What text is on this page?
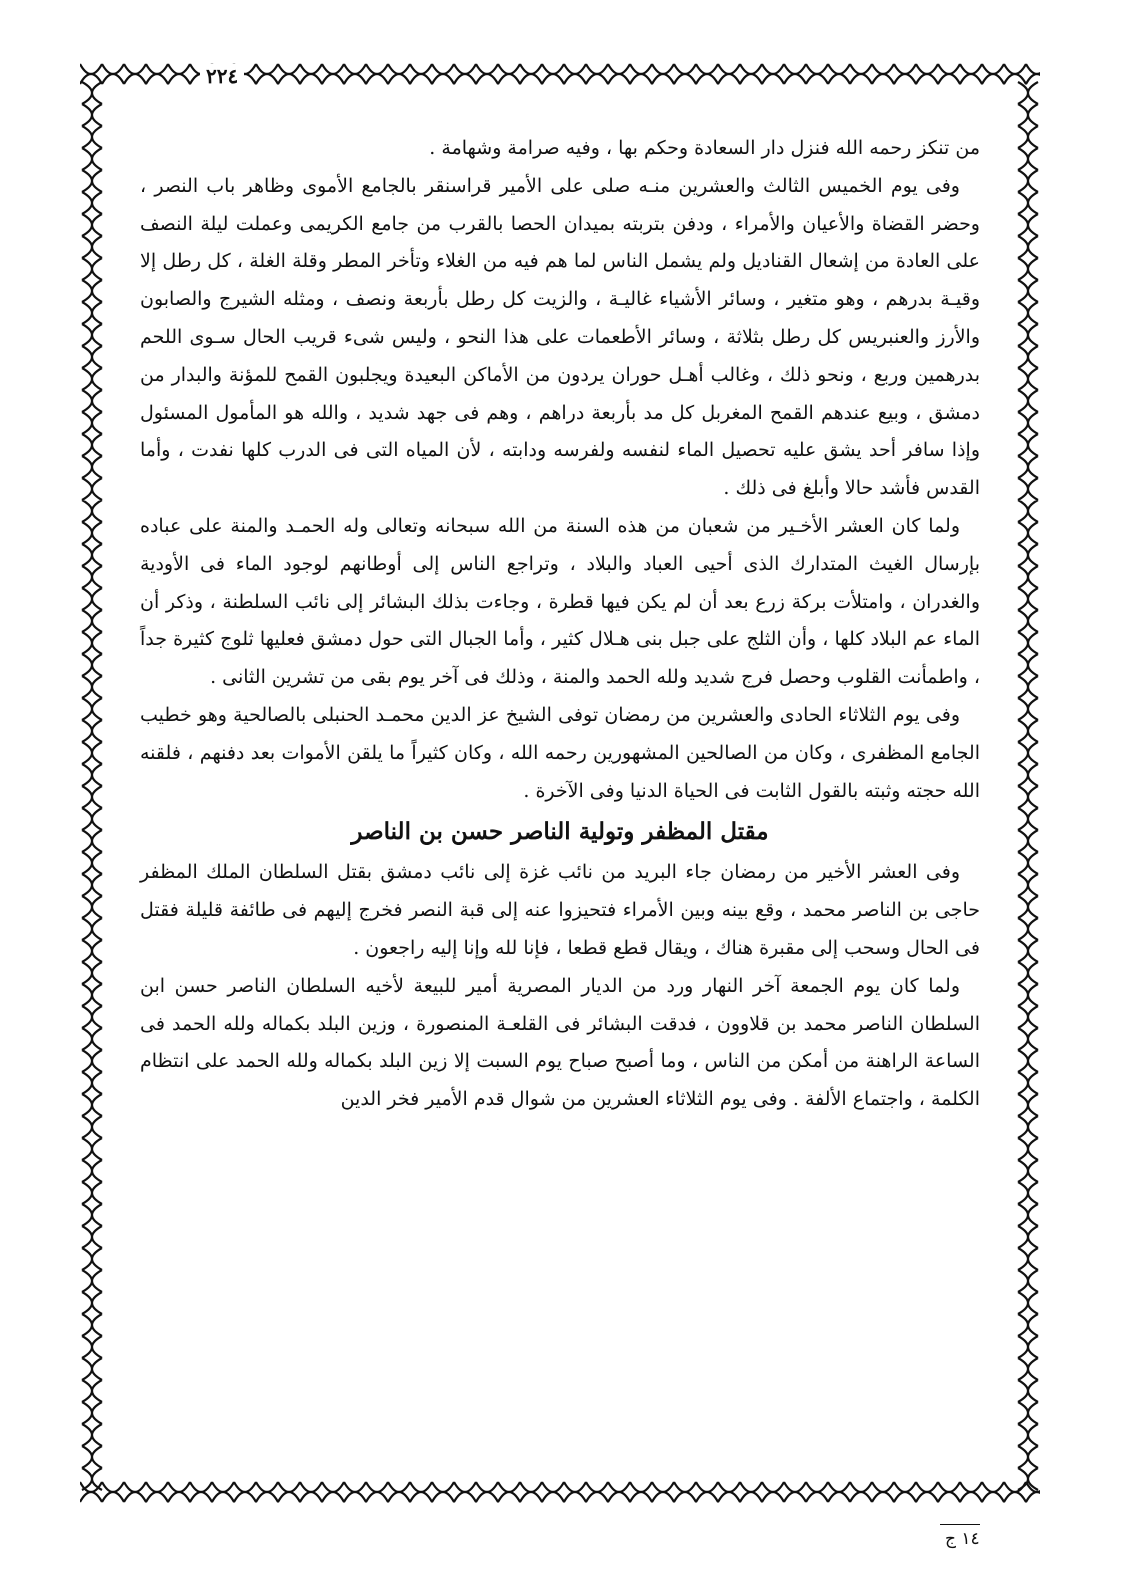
٢٢٤

من تنكز رحمه الله فنزل دار السعادة وحكم بها ، وفيه صرامة وشهامة .

وفى يوم الخميس الثالث والعشرين منـه صلى على الأمير قراسنقر بالجامع الأموى وظاهر باب النصر ، وحضر القضاة والأعيان والأمراء ، ودفن بتربته بميدان الحصا بالقرب من جامع الكريمى وعملت ليلة النصف على العادة من إشعال القناديل ولم يشمل الناس لما هم فيه من الغلاء وتأخر المطر وقلة الغلة ، كل رطل إلا وقيـة بدرهم ، وهو متغير ، وسائر الأشياء غاليـة ، والزيت كل رطل بأربعة ونصف ، ومثله الشيرج والصابون والأرز والعنبريس كل رطل بثلاثة ، وسائر الأطعمات على هذا النحو ، وليس شىء قريب الحال سـوى اللحم بدرهمين وربع ، ونحو ذلك ، وغالب أهـل حوران يردون من الأماكن البعيدة ويجلبون القمح للمؤنة والبدار من دمشق ، وبيع عندهم القمح المغربل كل مد بأربعة دراهم ، وهم فى جهد شديد ، والله هو المأمول المسئول وإذا سافر أحد يشق عليه تحصيل الماء لنفسه ولفرسه ودابته ، لأن المياه التى فى الدرب كلها نفدت ، وأما القدس فأشد حالا وأبلغ فى ذلك .

ولما كان العشر الأخـير من شعبان من هذه السنة من الله سبحانه وتعالى وله الحمـد والمنة على عباده بإرسال الغيث المتدارك الذى أحيى العباد والبلاد ، وتراجع الناس إلى أوطانهم لوجود الماء فى الأودية والغدران ، وامتلأت بركة زرع بعد أن لم يكن فيها قطرة ، وجاءت بذلك البشائر إلى نائب السلطنة ، وذكر أن الماء عم البلاد كلها ، وأن الثلج على جبل بنى هـلال كثير ، وأما الجبال التى حول دمشق فعليها ثلوج كثيرة جداً ، واطمأنت القلوب وحصل فرج شديد ولله الحمد والمنة ، وذلك فى آخر يوم بقى من تشرين الثانى .

وفى يوم الثلاثاء الحادى والعشرين من رمضان توفى الشيخ عز الدين محمـد الحنبلى بالصالحية وهو خطيب الجامع المظفرى ، وكان من الصالحين المشهورين رحمه الله ، وكان كثيراً ما يلقن الأموات بعد دفنهم ، فلقنه الله حجته وثبته بالقول الثابت فى الحياة الدنيا وفى الآخرة .

مقتل المظفر وتولية الناصر حسن بن الناصر

وفى العشر الأخير من رمضان جاء البريد من نائب غزة إلى نائب دمشق بقتل السلطان الملك المظفر حاجى بن الناصر محمد ، وقع بينه وبين الأمراء فتحيزوا عنه إلى قبة النصر فخرج إليهم فى طائفة قليلة فقتل فى الحال وسحب إلى مقبرة هناك ، ويقال قطع قطعا ، فإنا لله وإنا إليه راجعون .

ولما كان يوم الجمعة آخر النهار ورد من الديار المصرية أمير للبيعة لأخيه السلطان الناصر حسن ابن السلطان الناصر محمد بن قلاوون ، فدقت البشائر فى القلعـة المنصورة ، وزين البلد بكماله ولله الحمد فى الساعة الراهنة من أمكن من الناس ، وما أصبح صباح يوم السبت إلا زين البلد بكماله ولله الحمد على انتظام الكلمة ، واجتماع الألفة . وفى يوم الثلاثاء العشرين من شوال قدم الأمير فخر الدين

١٤ ج
